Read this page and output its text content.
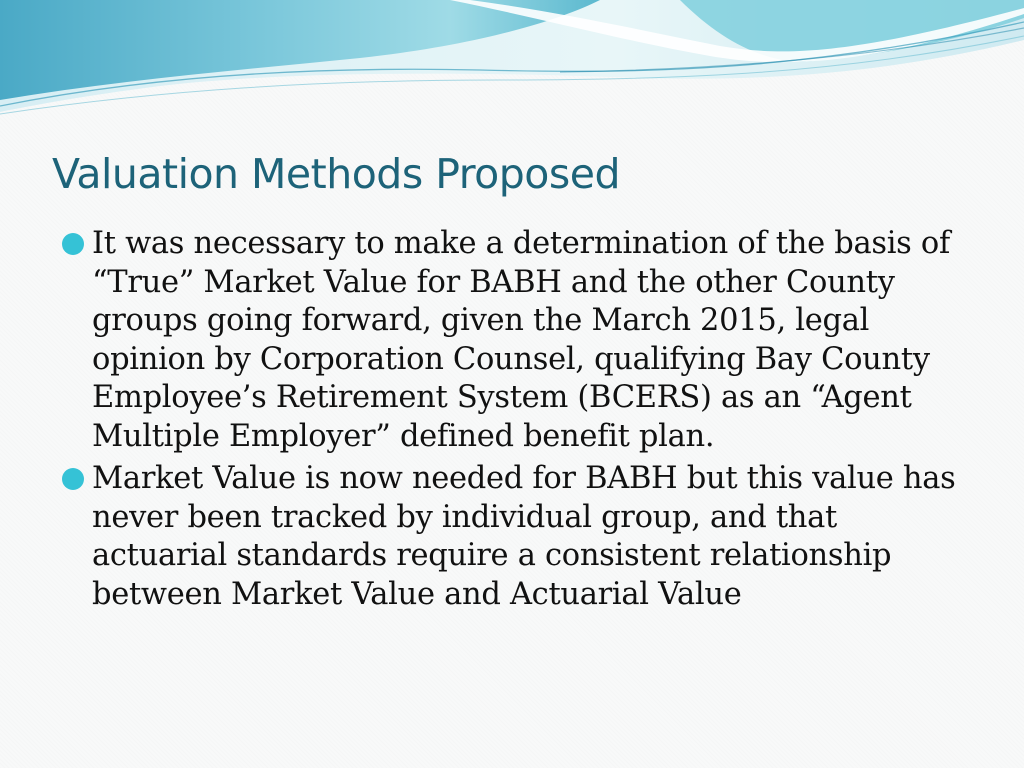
Valuation Methods Proposed
It was necessary to make a determination of the basis of “True” Market Value for BABH and the other County groups going forward, given the March 2015, legal opinion by Corporation Counsel, qualifying Bay County Employee’s Retirement System (BCERS) as an “Agent Multiple Employer” defined benefit plan.
Market Value is now needed for BABH but this value has never been tracked by individual group, and that actuarial standards require a consistent relationship between Market Value and Actuarial Value
